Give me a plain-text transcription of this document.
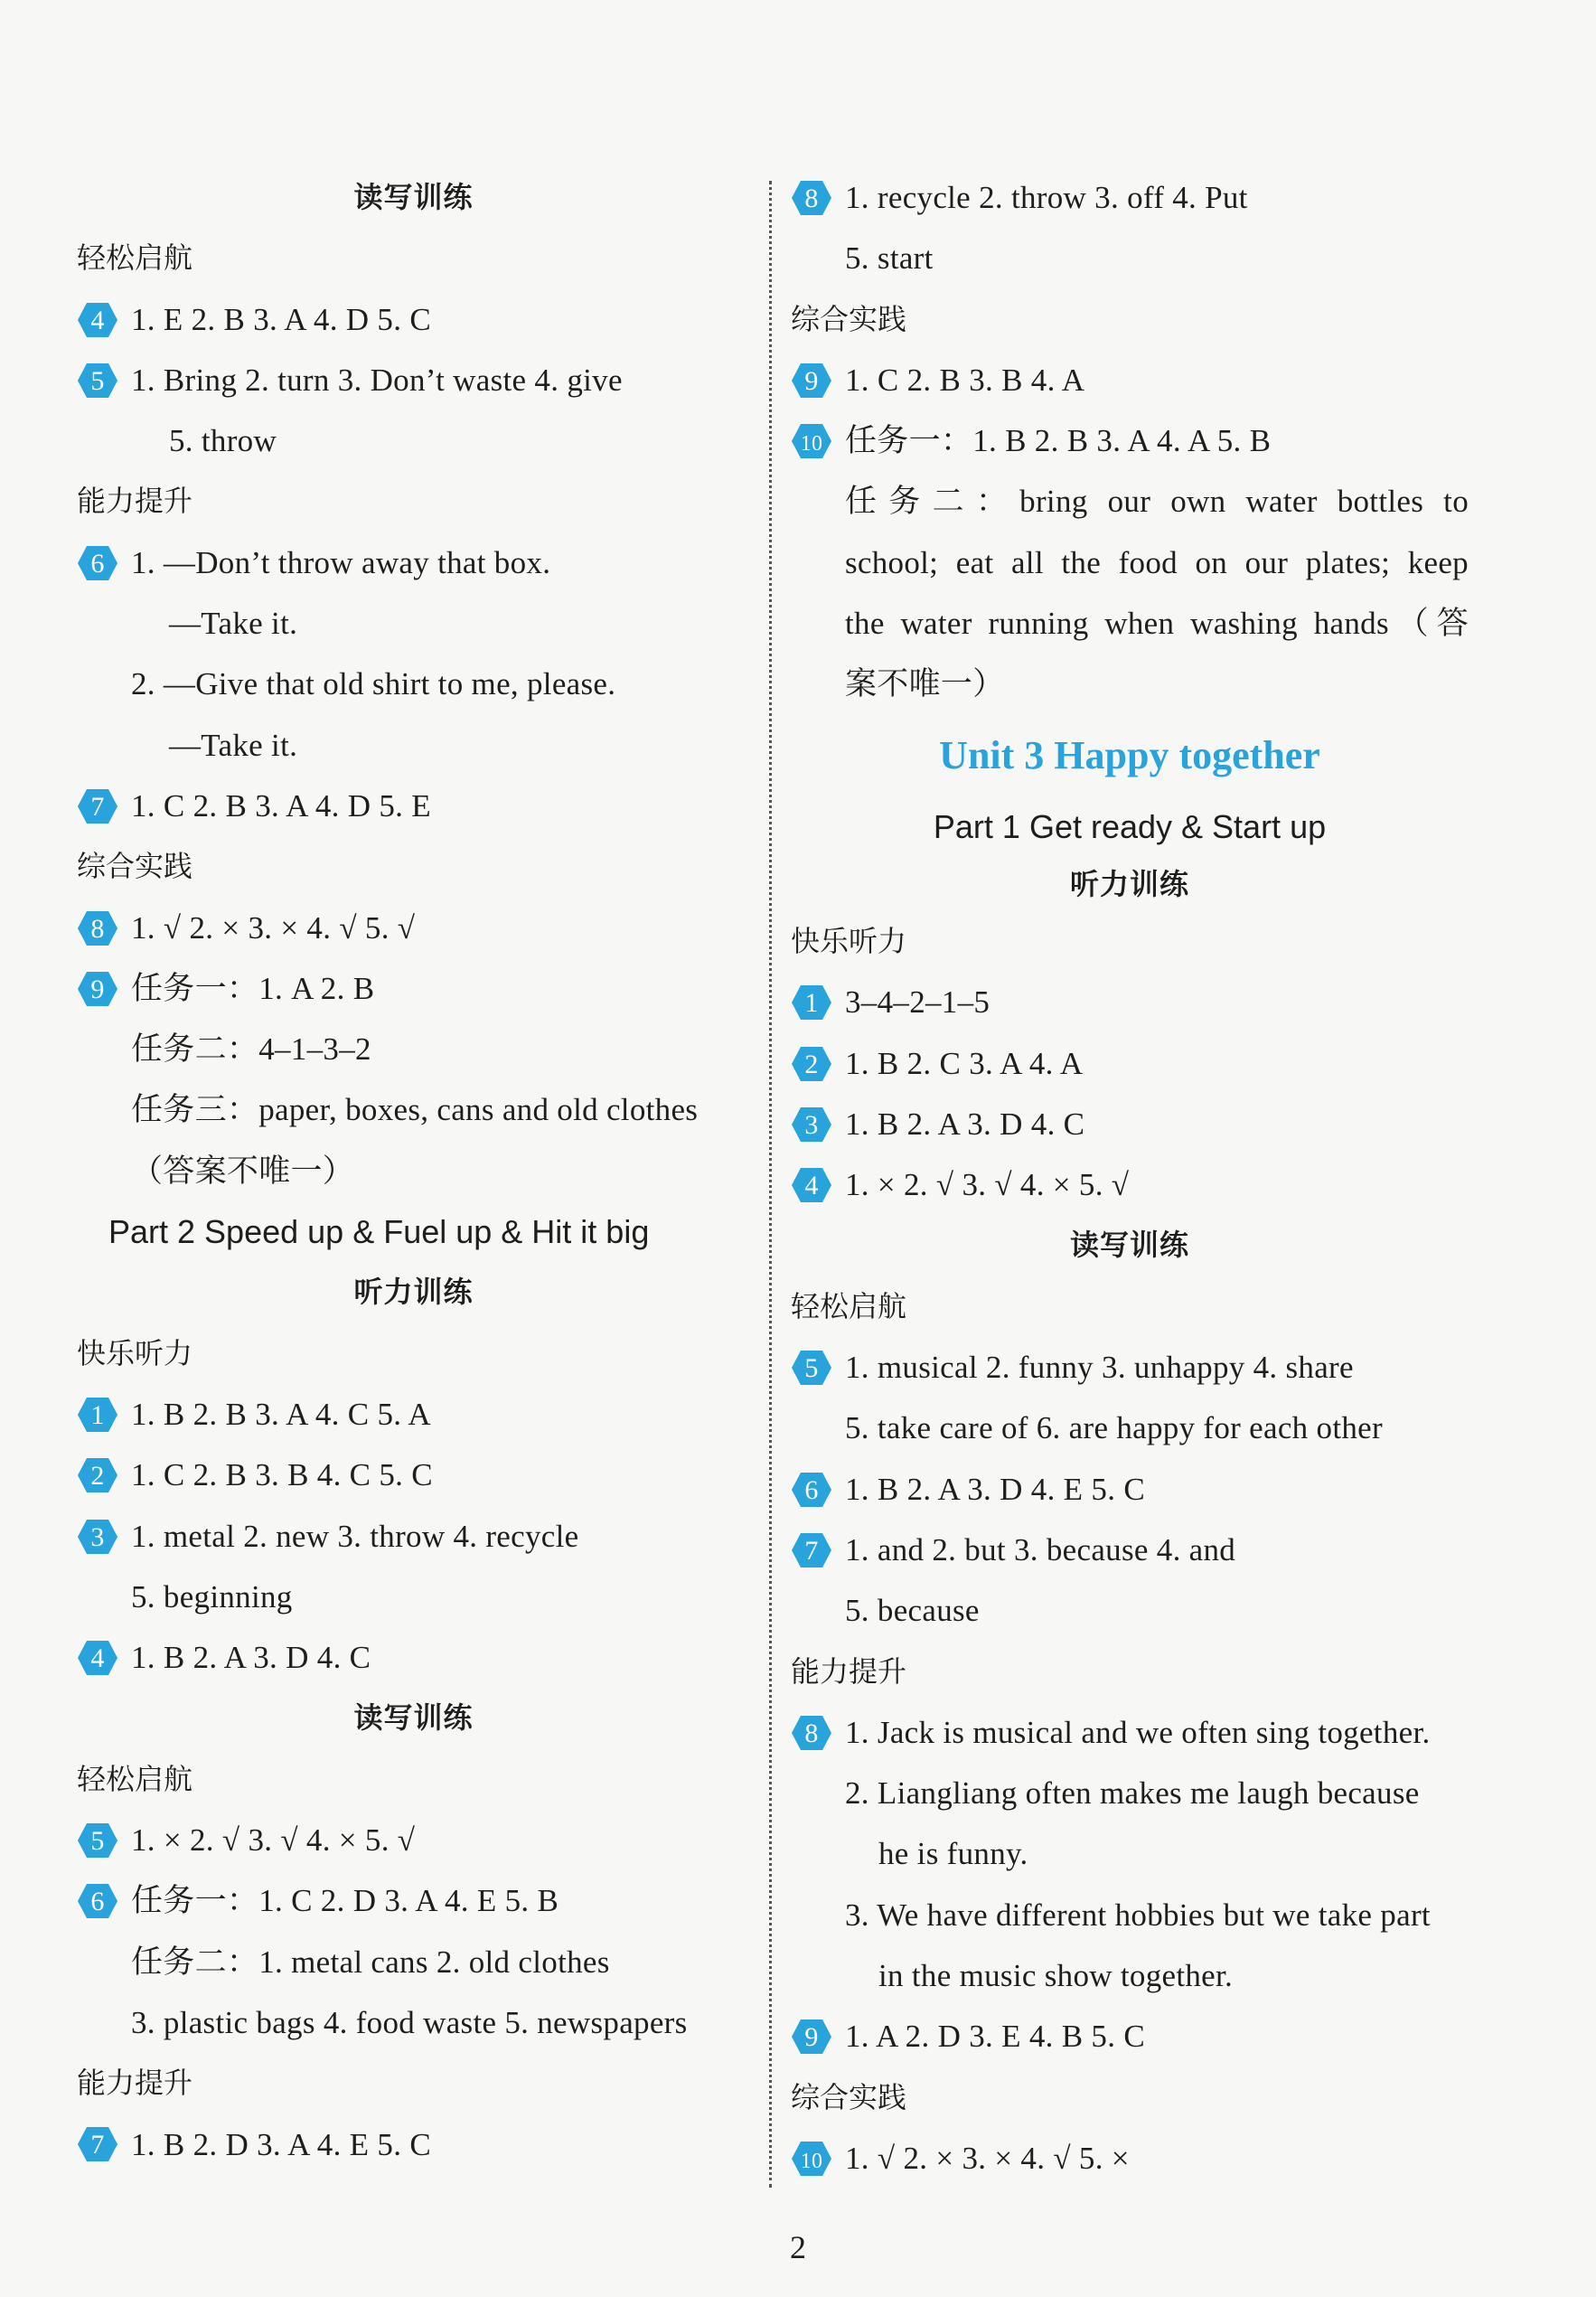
读写训练
轻松启航
4 1. E 2. B 3. A 4. D 5. C
5 1. Bring 2. turn 3. Don’t waste 4. give
5. throw
能力提升
6 1. —Don’t throw away that box.
—Take it.
2. —Give that old shirt to me, please.
—Take it.
7 1. C 2. B 3. A 4. D 5. E
综合实践
8 1. √ 2. × 3. × 4. √ 5. √
9 任务一：1. A 2. B
任务二：4–1–3–2
任务三：paper, boxes, cans and old clothes
（答案不唯一）
Part 2 Speed up & Fuel up & Hit it big
听力训练
快乐听力
1 1. B 2. B 3. A 4. C 5. A
2 1. C 2. B 3. B 4. C 5. C
3 1. metal 2. new 3. throw 4. recycle
5. beginning
4 1. B 2. A 3. D 4. C
读写训练
轻松启航
5 1. × 2. √ 3. √ 4. × 5. √
6 任务一：1. C 2. D 3. A 4. E 5. B
任务二：1. metal cans 2. old clothes
3. plastic bags 4. food waste 5. newspapers
能力提升
7 1. B 2. D 3. A 4. E 5. C
8 1. recycle 2. throw 3. off 4. Put
5. start
综合实践
9 1. C 2. B 3. B 4. A
10 任务一：1. B 2. B 3. A 4. A 5. B
任务二：bring our own water bottles to
school; eat all the food on our plates; keep
the water running when washing hands（答
案不唯一）
Unit 3 Happy together
Part 1 Get ready & Start up
听力训练
快乐听力
1 3–4–2–1–5
2 1. B 2. C 3. A 4. A
3 1. B 2. A 3. D 4. C
4 1. × 2. √ 3. √ 4. × 5. √
读写训练
轻松启航
5 1. musical 2. funny 3. unhappy 4. share
5. take care of 6. are happy for each other
6 1. B 2. A 3. D 4. E 5. C
7 1. and 2. but 3. because 4. and
5. because
能力提升
8 1. Jack is musical and we often sing together.
2. Liangliang often makes me laugh because
he is funny.
3. We have different hobbies but we take part
in the music show together.
9 1. A 2. D 3. E 4. B 5. C
综合实践
10 1. √ 2. × 3. × 4. √ 5. ×
2
